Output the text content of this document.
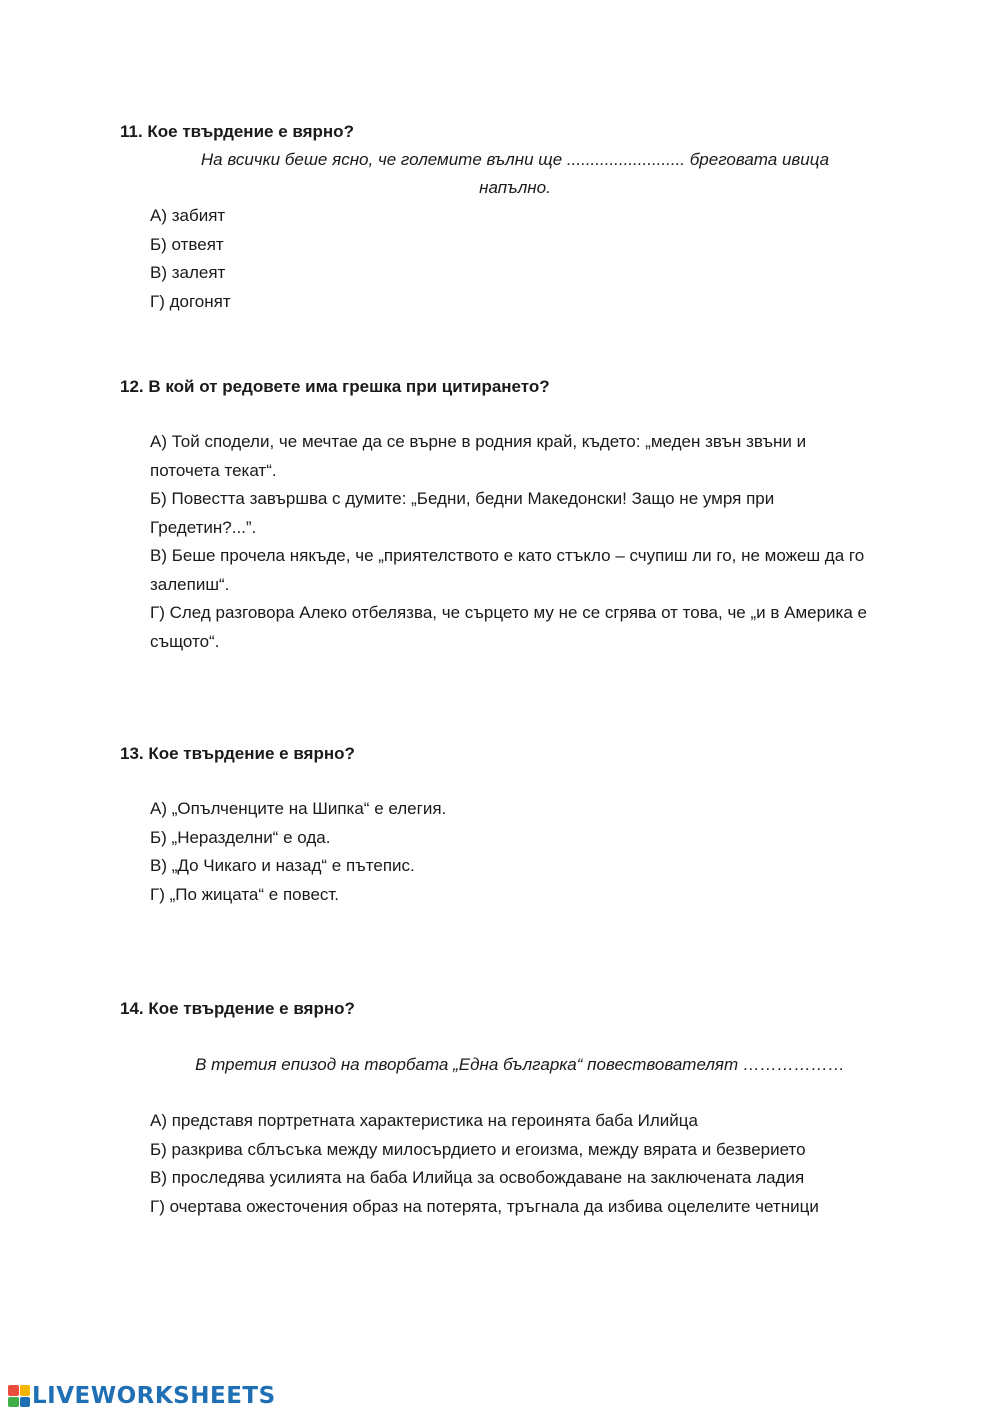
11. Кое твърдение е вярно?
На всички беше ясно, че големите вълни ще ......................... бреговата ивица
напълно.
А) забият
Б) отвеят
В) залеят
Г) догонят
12. В кой от редовете има грешка при цитирането?
А) Той сподели, че мечтае да се върне в родния край, където: „меден звън звъни и поточета текат“.
Б) Повестта завършва с думите: „Бедни, бедни Македонски! Защо не умря при Гредетин?...”.
В) Беше прочела някъде, че „приятелството е като стъкло – счупиш ли го, не можеш да го залепиш“.
Г) След разговора Алеко отбелязва, че сърцето му не се сгрява от това, че „и в Америка е същото“.
13. Кое твърдение е вярно?
А) „Опълченците на Шипка“ е елегия.
Б) „Неразделни“ е ода.
В) „До Чикаго и назад“ е пътепис.
Г) „По жицата“ е повест.
14. Кое твърдение е вярно?
В третия епизод на творбата „Една българка“ повествователят ………………
А) представя портретната характеристика на героинята баба Илийца
Б) разкрива сблъсъка между милосърдието и егоизма, между вярата и безверието
В) проследява усилията на баба Илийца за освобождаване на заключената ладия
Г) очертава ожесточения образ на потерята, тръгнала да избива оцелелите четници
LIVEWORKSHEETS
